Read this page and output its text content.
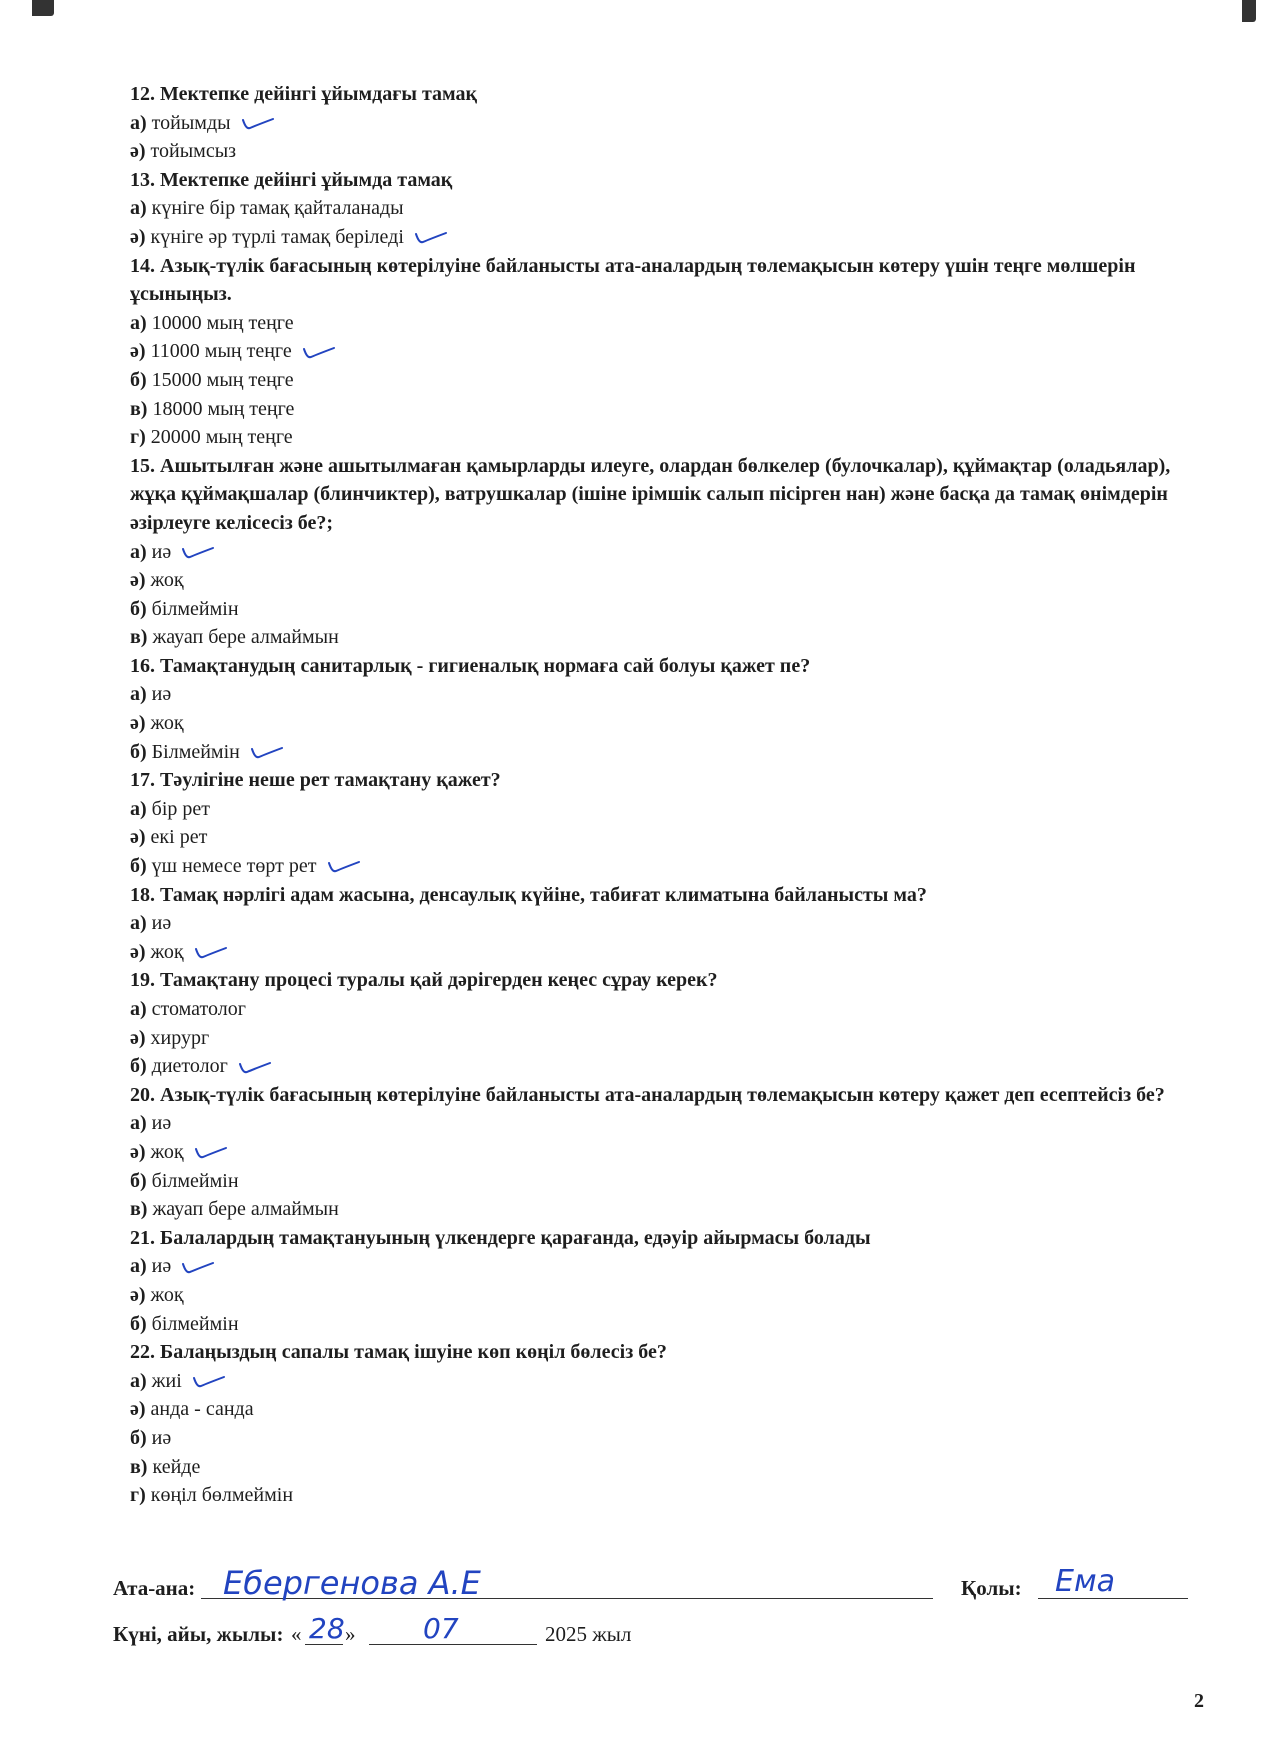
12. Мектепке дейінгі ұйымдағы тамақ

а) тойымды

ә) тойымсыз

13. Мектепке дейінгі ұйымда тамақ

а) күніге бір тамақ қайталанады

ә) күніге әр түрлі тамақ беріледі

14. Азық-түлік бағасының көтерілуіне байланысты ата-аналардың төлемақысын көтеру үшін теңге мөлшерін ұсыныңыз.

а) 10000 мың теңге

ә) 11000 мың теңге

б) 15000 мың теңге

в) 18000 мың теңге

г) 20000 мың теңге

15. Ашытылған және ашытылмаған қамырларды илеуге, олардан бөлкелер (булочкалар), құймақтар (оладьялар), жұқа құймақшалар (блинчиктер), ватрушкалар (ішіне ірімшік салып пісірген нан) және басқа да тамақ өнімдерін әзірлеуге келісесіз бе?;

а) иә

ә) жоқ

б) білмеймін

в) жауап бере алмаймын

16. Тамақтанудың санитарлық - гигиеналық нормаға сай болуы қажет пе?

а) иә

ә) жоқ

б) Білмеймін

17. Тәулігіне неше рет тамақтану қажет?

а) бір рет

ә) екі рет

б) үш немесе төрт рет

18. Тамақ нәрлігі адам жасына, денсаулық күйіне, табиғат климатына байланысты ма?

а) иә

ә) жоқ

19. Тамақтану процесі туралы қай дәрігерден кеңес сұрау керек?

а) стоматолог

ә) хирург

б) диетолог

20. Азық-түлік бағасының көтерілуіне байланысты ата-аналардың төлемақысын көтеру қажет деп есептейсіз бе?

а) иә

ә) жоқ

б) білмеймін

в) жауап бере алмаймын

21. Балалардың тамақтануының үлкендерге қарағанда, едәуір айырмасы болады

а) иә

ә) жоқ

б) білмеймін

22. Балаңыздың сапалы тамақ ішуіне көп көңіл бөлесіз бе?

а) жиі

ә) анда - санда

б) иә

в) кейде

г) көңіл бөлмеймін

Ата-ана: Ебергенова А.Е	Қолы: Ема
Күні, айы, жылы: « 28 » 07	2025 жыл
2
